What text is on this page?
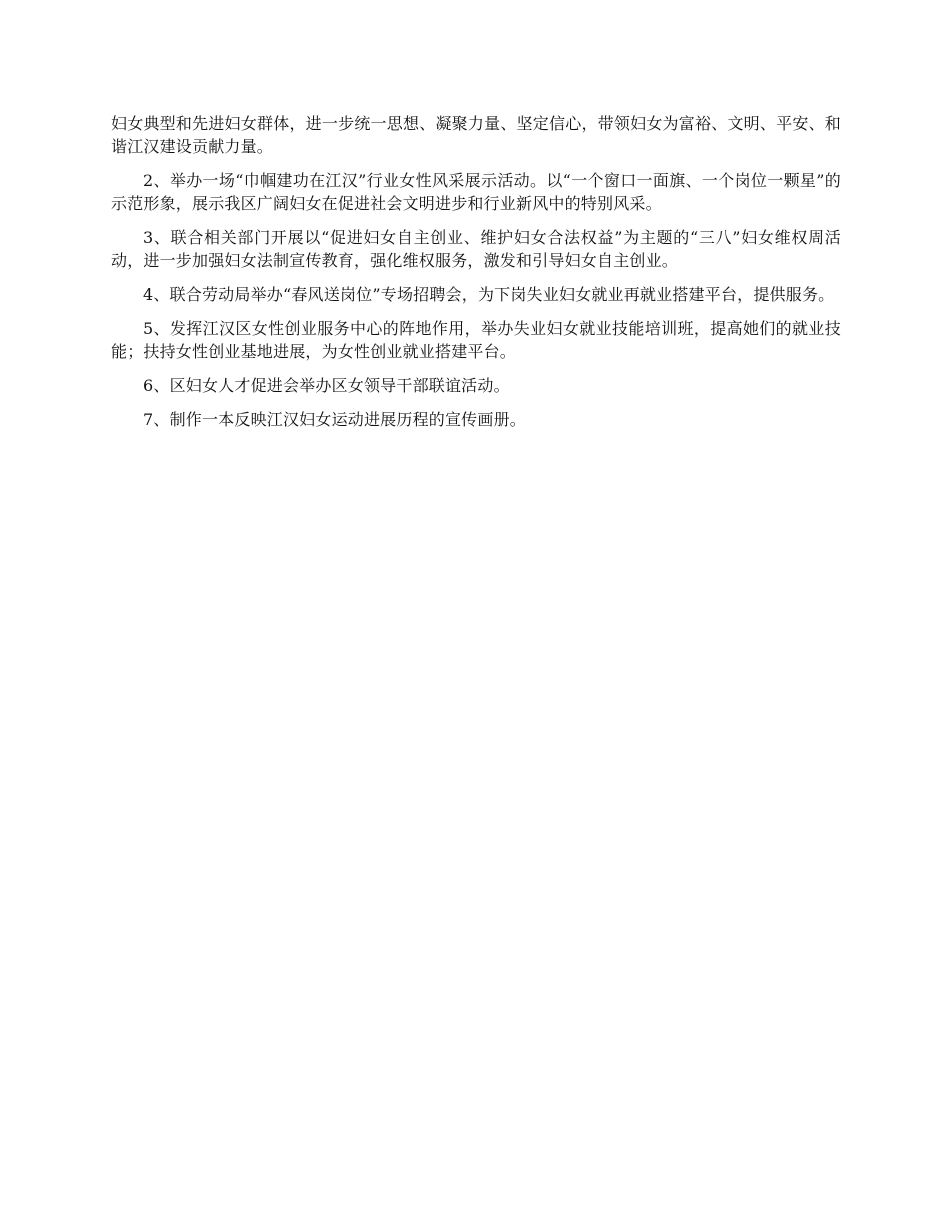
妇女典型和先进妇女群体，进一步统一思想、凝聚力量、坚定信心，带领妇女为富裕、文明、平安、和谐江汉建设贡献力量。

2、举办一场“巾帼建功在江汉”行业女性风采展示活动。以“一个窗口一面旗、一个岗位一颗星”的示范形象，展示我区广阔妇女在促进社会文明进步和行业新风中的特别风采。

3、联合相关部门开展以“促进妇女自主创业、维护妇女合法权益”为主题的“三八”妇女维权周活动，进一步加强妇女法制宣传教育，强化维权服务，激发和引导妇女自主创业。

4、联合劳动局举办“春风送岗位”专场招聘会，为下岗失业妇女就业再就业搭建平台，提供服务。

5、发挥江汉区女性创业服务中心的阵地作用，举办失业妇女就业技能培训班，提高她们的就业技能；扶持女性创业基地进展，为女性创业就业搭建平台。

6、区妇女人才促进会举办区女领导干部联谊活动。

7、制作一本反映江汉妇女运动进展历程的宣传画册。
